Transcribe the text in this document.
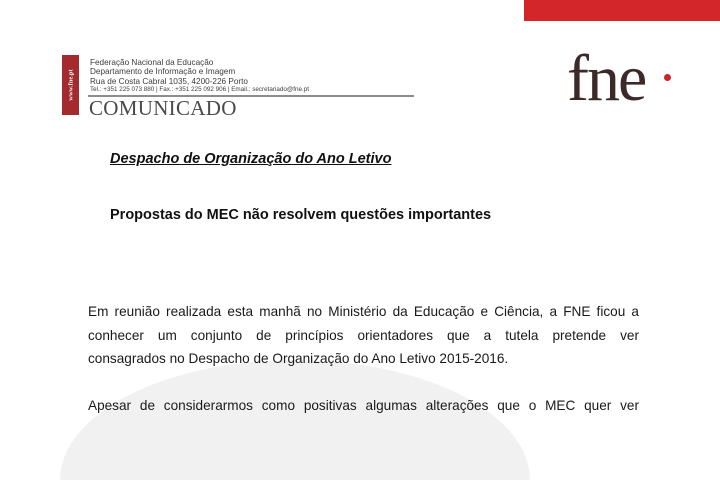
www.fne.pt
Federação Nacional da Educação
Departamento de Informação e Imagem
Rua de Costa Cabral 1035, 4200-226 Porto
Tel.: +351 225 073 880 | Fax.: +351 225 092 906 | Email.: secretariado@fne.pt
COMUNICADO	fne
Despacho de Organização do Ano Letivo
Propostas do MEC não resolvem questões importantes
Em reunião realizada esta manhã no Ministério da Educação e Ciência, a FNE ficou a
conhecer um conjunto de princípios orientadores que a tutela pretende ver
consagrados no Despacho de Organização do Ano Letivo 2015-2016.
Apesar de considerarmos como positivas algumas alterações que o MEC quer ver
